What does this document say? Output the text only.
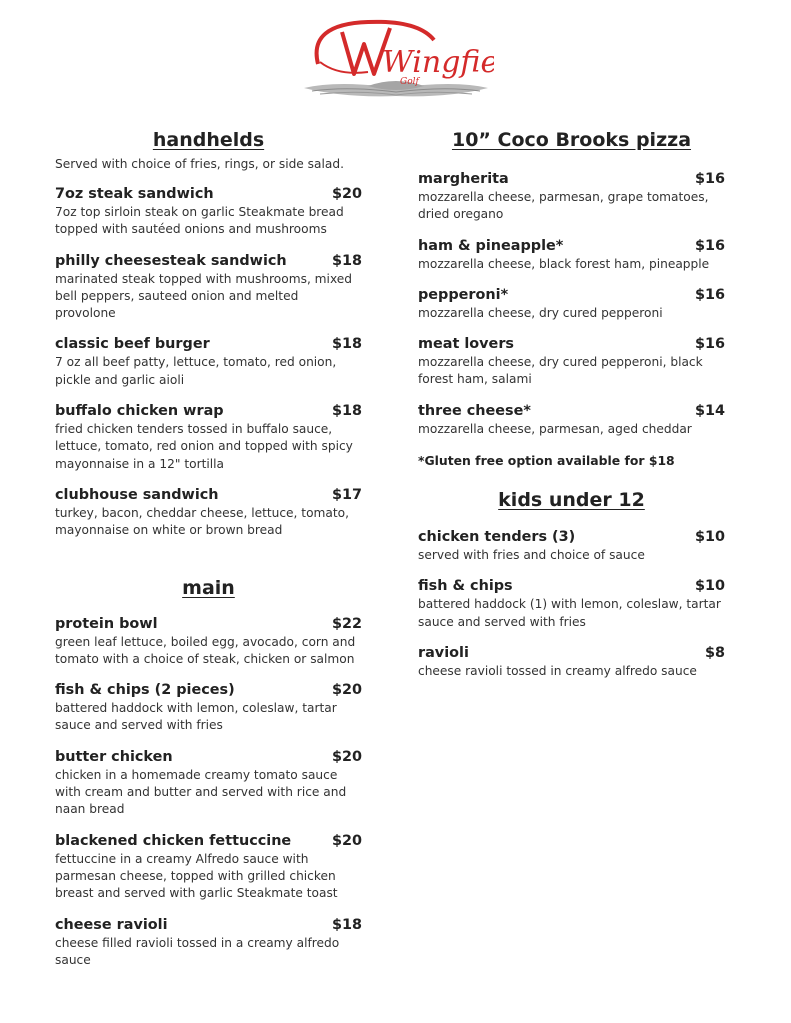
Wingfi
Golf
handhelds
Served with choice of fries, rings, or side salad.
7oz steak sandwich	$20
7oz top sirloin steak on garlic Steakmate bread topped with sautéed onions and mushrooms
philly cheesesteak sandwich	$18
marinated steak topped with mushrooms, mixed bell peppers, sauteed onion and melted provolone
classic beef burger	$18
7 oz all beef patty, lettuce, tomato, red onion, pickle and garlic aioli
buffalo chicken wrap	$18
fried chicken tenders tossed in buffalo sauce, lettuce, tomato, red onion and topped with spicy mayonnaise in a 12" tortilla
clubhouse sandwich	$17
turkey, bacon, cheddar cheese, lettuce, tomato, mayonnaise on white or brown bread
main
protein bowl	$22
green leaf lettuce, boiled egg, avocado, corn and tomato with a choice of steak, chicken or salmon
fish & chips (2 pieces)	$20
battered haddock with lemon, coleslaw, tartar sauce and served with fries
butter chicken	$20
chicken in a homemade creamy tomato sauce with cream and butter and served with rice and naan bread
blackened chicken fettuccine	$20
fettuccine in a creamy Alfredo sauce with parmesan cheese, topped with grilled chicken breast and served with garlic Steakmate toast
cheese ravioli	$18
cheese filled ravioli tossed in a creamy alfredo sauce
10” Coco Brooks pizza
margherita	$16
mozzarella cheese, parmesan, grape tomatoes, dried oregano
ham & pineapple*	$16
mozzarella cheese, black forest ham, pineapple
pepperoni*	$16
mozzarella cheese, dry cured pepperoni
meat lovers	$16
mozzarella cheese, dry cured pepperoni, black forest ham, salami
three cheese*	$14
mozzarella cheese, parmesan, aged cheddar
*Gluten free option available for $18
kids under 12
chicken tenders (3)	$10
served with fries and choice of sauce
fish & chips	$10
battered haddock (1) with lemon, coleslaw, tartar sauce and served with fries
ravioli	$8
cheese ravioli tossed in creamy alfredo sauce
